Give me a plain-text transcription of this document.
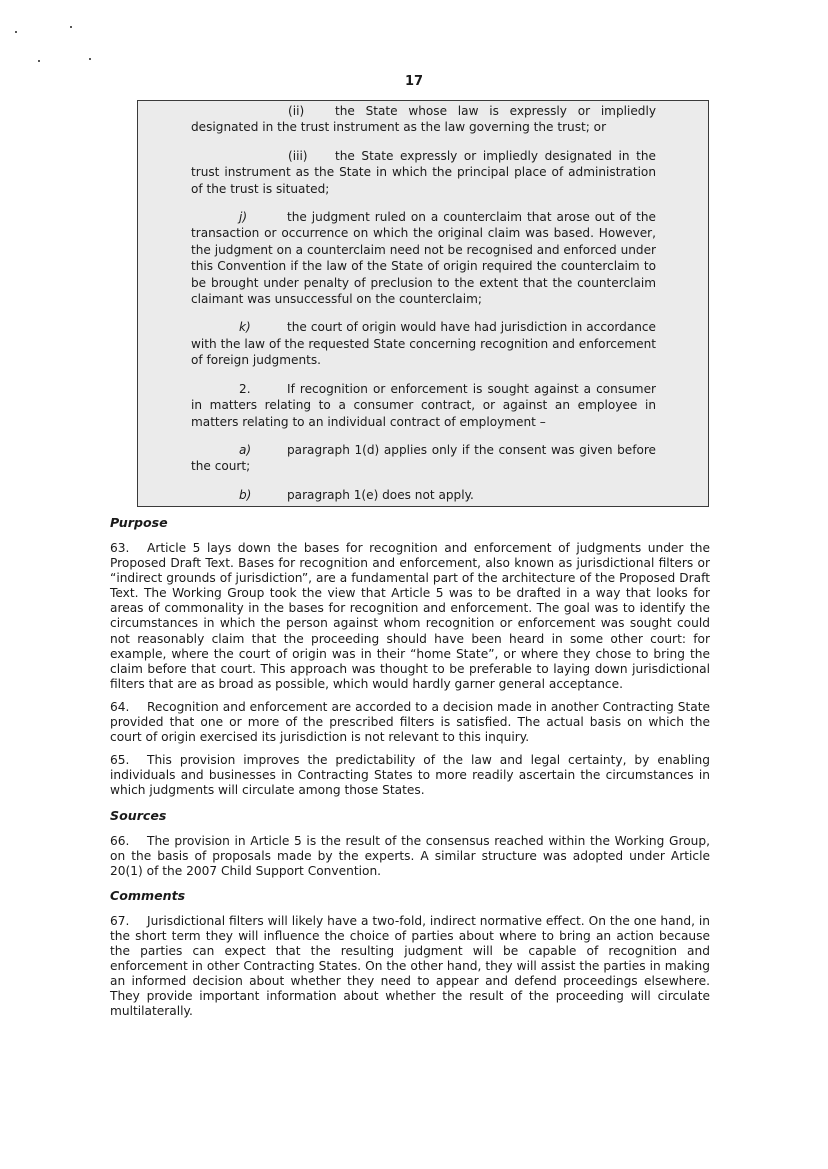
17

(ii)	the State whose law is expressly or impliedly designated in the trust instrument as the law governing the trust; or

(iii) the State expressly or impliedly designated in the trust instrument as the State in which the principal place of administration of the trust is situated;

j)	the judgment ruled on a counterclaim that arose out of the transaction or occurrence on which the original claim was based. However, the judgment on a counterclaim need not be recognised and enforced under this Convention if the law of the State of origin required the counterclaim to be brought under penalty of preclusion to the extent that the counterclaim claimant was unsuccessful on the counterclaim;

k)	the court of origin would have had jurisdiction in accordance with the law of the requested State concerning recognition and enforcement of foreign judgments.

2.	If recognition or enforcement is sought against a consumer in matters relating to a consumer contract, or against an employee in matters relating to an individual contract of employment –

a)	paragraph 1(d) applies only if the consent was given before the court;

b)	paragraph 1(e) does not apply.

Purpose

63. Article 5 lays down the bases for recognition and enforcement of judgments under the Proposed Draft Text. Bases for recognition and enforcement, also known as jurisdictional filters or “indirect grounds of jurisdiction”, are a fundamental part of the architecture of the Proposed Draft Text. The Working Group took the view that Article 5 was to be drafted in a way that looks for areas of commonality in the bases for recognition and enforcement. The goal was to identify the circumstances in which the person against whom recognition or enforcement was sought could not reasonably claim that the proceeding should have been heard in some other court: for example, where the court of origin was in their “home State”, or where they chose to bring the claim before that court. This approach was thought to be preferable to laying down jurisdictional filters that are as broad as possible, which would hardly garner general acceptance.

64. Recognition and enforcement are accorded to a decision made in another Contracting State provided that one or more of the prescribed filters is satisfied. The actual basis on which the court of origin exercised its jurisdiction is not relevant to this inquiry.

65. This provision improves the predictability of the law and legal certainty, by enabling individuals and businesses in Contracting States to more readily ascertain the circumstances in which judgments will circulate among those States.

Sources

66. The provision in Article 5 is the result of the consensus reached within the Working Group, on the basis of proposals made by the experts. A similar structure was adopted under Article 20(1) of the 2007 Child Support Convention.

Comments

67. Jurisdictional filters will likely have a two-fold, indirect normative effect. On the one hand, in the short term they will influence the choice of parties about where to bring an action because the parties can expect that the resulting judgment will be capable of recognition and enforcement in other Contracting States. On the other hand, they will assist the parties in making an informed decision about whether they need to appear and defend proceedings elsewhere. They provide important information about whether the result of the proceeding will circulate multilaterally.
